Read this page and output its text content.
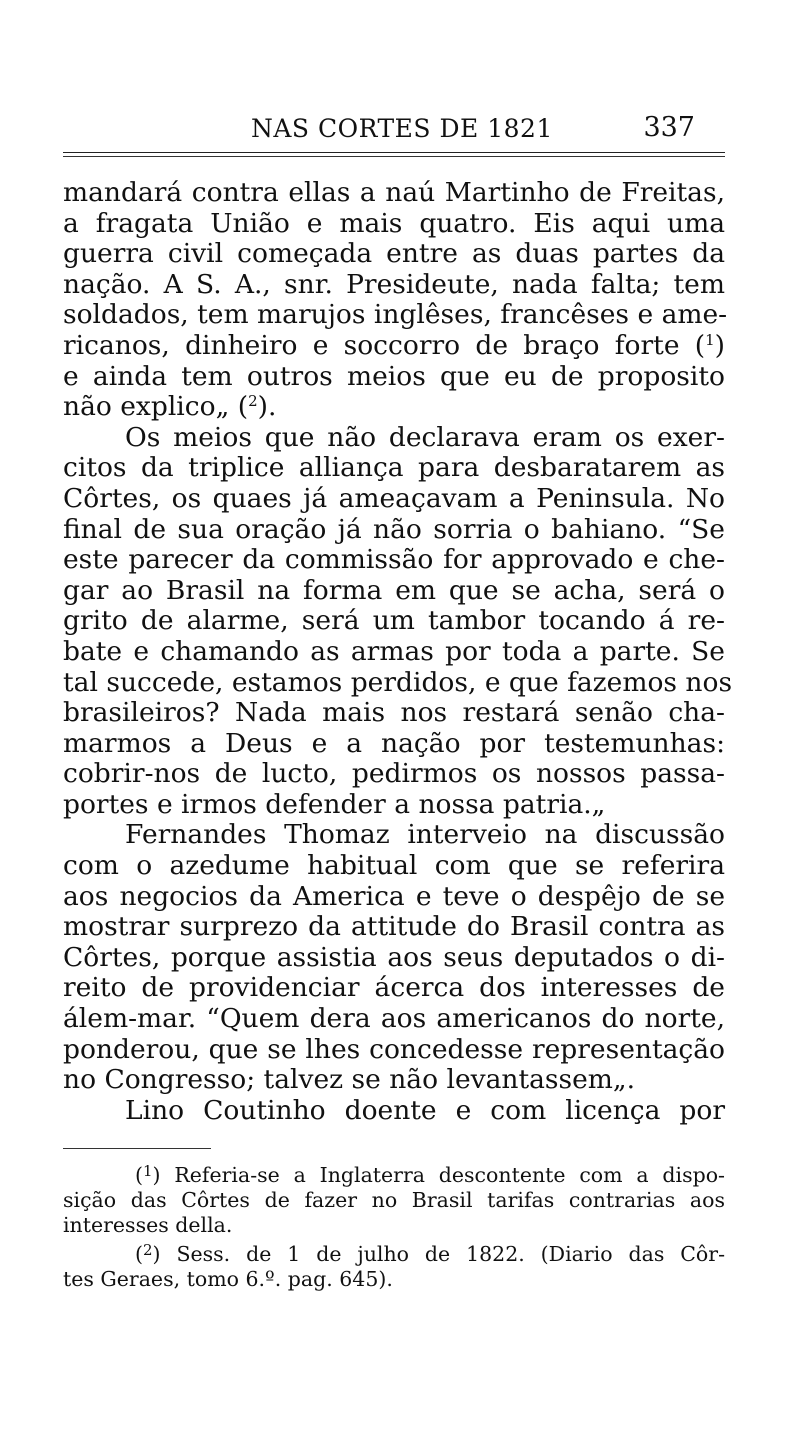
NAS CORTES DE 1821	337
mandará contra ellas a naú Martinho de Freitas,
a fragata União e mais quatro. Eis aqui uma
guerra civil começada entre as duas partes da
nação. A S. A., snr. Presideute, nada falta; tem
soldados, tem marujos inglêses, francêses e ame-
ricanos, dinheiro e soccorro de braço forte ($^1$)
e ainda tem outros meios que eu de proposito
não explico„ ($^2$).
Os meios que não declarava eram os exer-
citos da triplice alliança para desbaratarem as
Côrtes, os quaes já ameaçavam a Peninsula. No
final de sua oração já não sorria o bahiano. “Se
este parecer da commissão for approvado e che-
gar ao Brasil na forma em que se acha, será o
grito de alarme, será um tambor tocando á re-
bate e chamando as armas por toda a parte. Se
tal succede, estamos perdidos, e que fazemos nos
brasileiros? Nada mais nos restará senão cha-
marmos a Deus e a nação por testemunhas:
cobrir-nos de lucto, pedirmos os nossos passa-
portes e irmos defender a nossa patria.„
Fernandes Thomaz interveio na discussão
com o azedume habitual com que se referira
aos negocios da America e teve o despêjo de se
mostrar surprezo da attitude do Brasil contra as
Côrtes, porque assistia aos seus deputados o di-
reito de providenciar ácerca dos interesses de
álem-mar. “Quem dera aos americanos do norte,
ponderou, que se lhes concedesse representação
no Congresso; talvez se não levantassem„.
Lino Coutinho doente e com licença por
($^1$) Referia-se a Inglaterra descontente com a dispo-
sição das Côrtes de fazer no Brasil tarifas contrarias aos
interesses della.
($^2$) Sess. de 1 de julho de 1822. (Diario das Côr-
tes Geraes, tomo 6.º. pag. 645).
